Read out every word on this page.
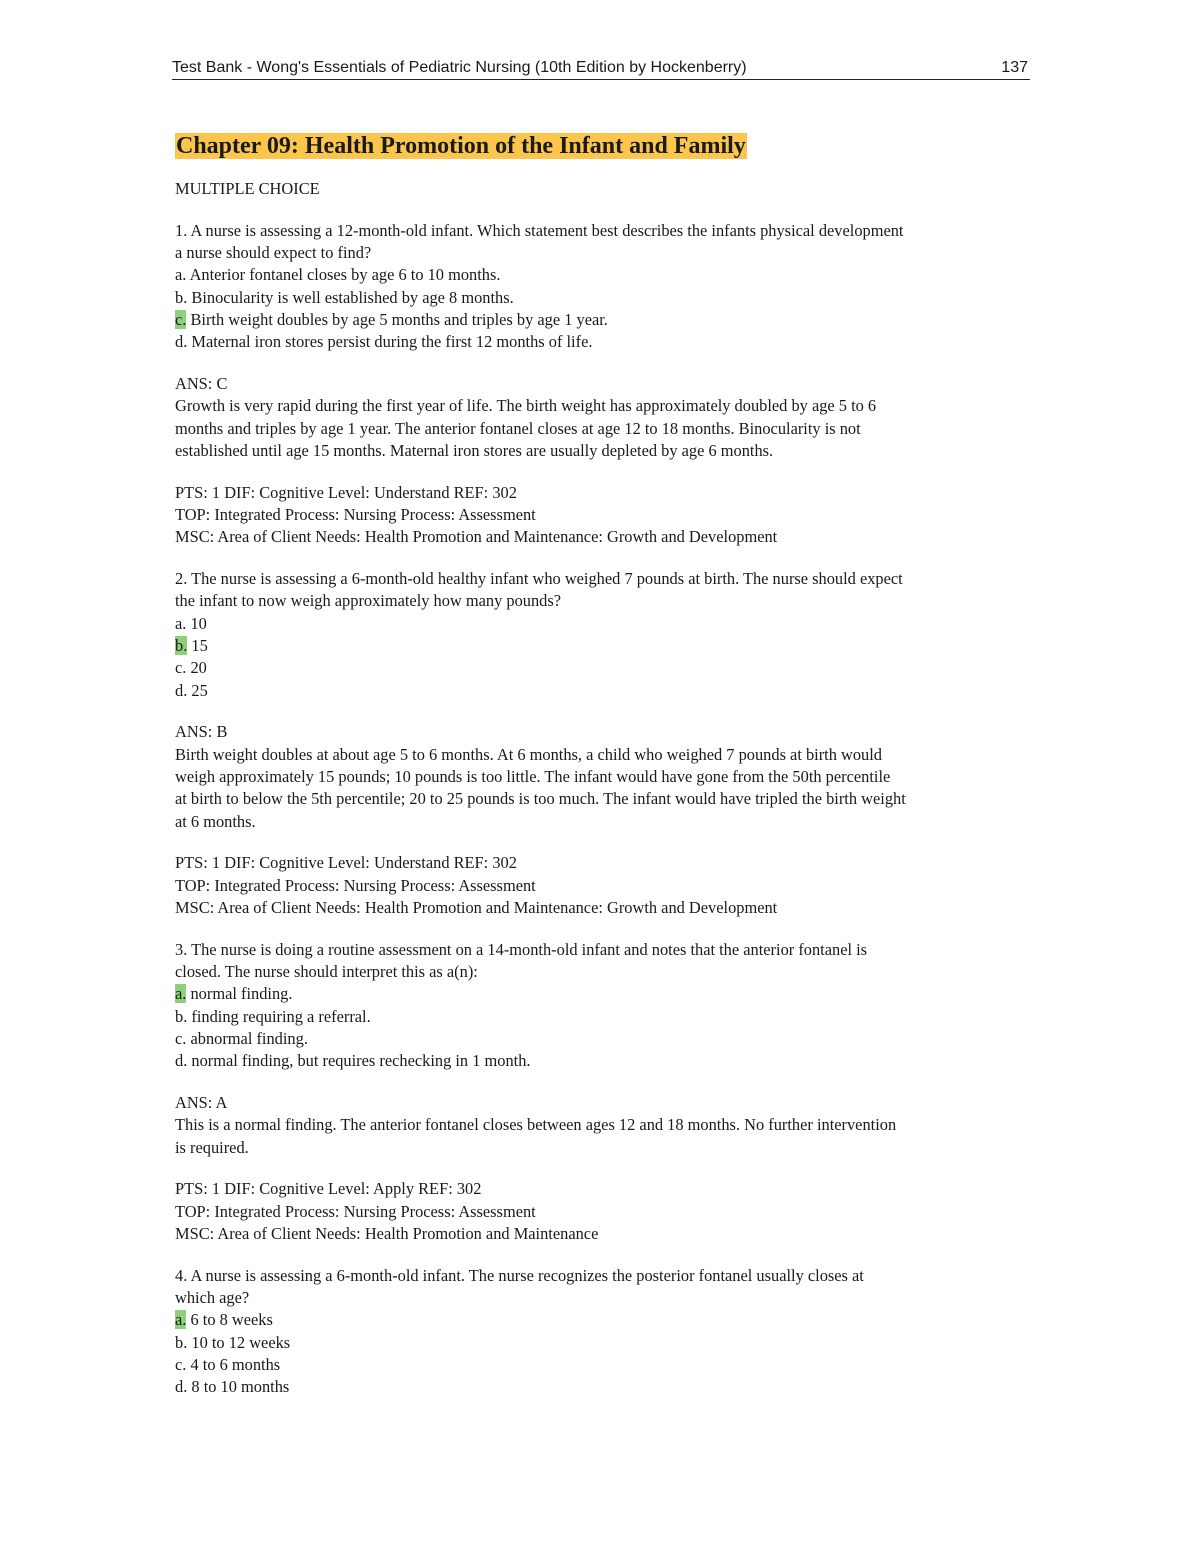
Test Bank - Wong's Essentials of Pediatric Nursing (10th Edition by Hockenberry)	137
Chapter 09: Health Promotion of the Infant and Family
MULTIPLE CHOICE
1. A nurse is assessing a 12-month-old infant. Which statement best describes the infants physical development
a nurse should expect to find?
a. Anterior fontanel closes by age 6 to 10 months.
b. Binocularity is well established by age 8 months.
c. Birth weight doubles by age 5 months and triples by age 1 year.
d. Maternal iron stores persist during the first 12 months of life.
ANS: C
Growth is very rapid during the first year of life. The birth weight has approximately doubled by age 5 to 6
months and triples by age 1 year. The anterior fontanel closes at age 12 to 18 months. Binocularity is not
established until age 15 months. Maternal iron stores are usually depleted by age 6 months.
PTS: 1 DIF: Cognitive Level: Understand REF: 302
TOP: Integrated Process: Nursing Process: Assessment
MSC: Area of Client Needs: Health Promotion and Maintenance: Growth and Development
2. The nurse is assessing a 6-month-old healthy infant who weighed 7 pounds at birth. The nurse should expect
the infant to now weigh approximately how many pounds?
a. 10
b. 15
c. 20
d. 25
ANS: B
Birth weight doubles at about age 5 to 6 months. At 6 months, a child who weighed 7 pounds at birth would
weigh approximately 15 pounds; 10 pounds is too little. The infant would have gone from the 50th percentile
at birth to below the 5th percentile; 20 to 25 pounds is too much. The infant would have tripled the birth weight
at 6 months.
PTS: 1 DIF: Cognitive Level: Understand REF: 302
TOP: Integrated Process: Nursing Process: Assessment
MSC: Area of Client Needs: Health Promotion and Maintenance: Growth and Development
3. The nurse is doing a routine assessment on a 14-month-old infant and notes that the anterior fontanel is
closed. The nurse should interpret this as a(n):
a. normal finding.
b. finding requiring a referral.
c. abnormal finding.
d. normal finding, but requires rechecking in 1 month.
ANS: A
This is a normal finding. The anterior fontanel closes between ages 12 and 18 months. No further intervention
is required.
PTS: 1 DIF: Cognitive Level: Apply REF: 302
TOP: Integrated Process: Nursing Process: Assessment
MSC: Area of Client Needs: Health Promotion and Maintenance
4. A nurse is assessing a 6-month-old infant. The nurse recognizes the posterior fontanel usually closes at
which age?
a. 6 to 8 weeks
b. 10 to 12 weeks
c. 4 to 6 months
d. 8 to 10 months
